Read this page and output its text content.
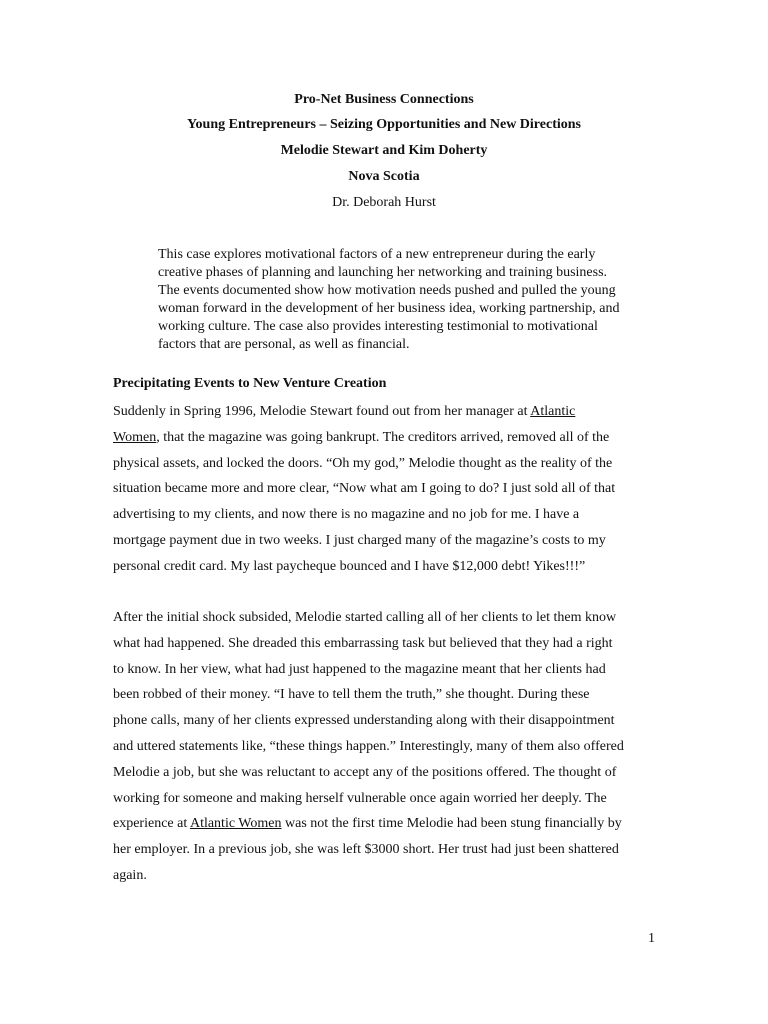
Pro-Net Business Connections
Young Entrepreneurs – Seizing Opportunities and New Directions
Melodie Stewart and Kim Doherty
Nova Scotia
Dr. Deborah Hurst

This case explores motivational factors of a new entrepreneur during the early
creative phases of planning and launching her networking and training business.
The events documented show how motivation needs pushed and pulled the young
woman forward in the development of her business idea, working partnership, and
working culture. The case also provides interesting testimonial to motivational
factors that are personal, as well as financial.

Precipitating Events to New Venture Creation

Suddenly in Spring 1996, Melodie Stewart found out from her manager at Atlantic
Women, that the magazine was going bankrupt. The creditors arrived, removed all of the
physical assets, and locked the doors. “Oh my god,” Melodie thought as the reality of the
situation became more and more clear, “Now what am I going to do? I just sold all of that
advertising to my clients, and now there is no magazine and no job for me. I have a
mortgage payment due in two weeks. I just charged many of the magazine’s costs to my
personal credit card. My last paycheque bounced and I have $12,000 debt! Yikes!!!”

After the initial shock subsided, Melodie started calling all of her clients to let them know
what had happened. She dreaded this embarrassing task but believed that they had a right
to know. In her view, what had just happened to the magazine meant that her clients had
been robbed of their money. “I have to tell them the truth,” she thought. During these
phone calls, many of her clients expressed understanding along with their disappointment
and uttered statements like, “these things happen.” Interestingly, many of them also offered
Melodie a job, but she was reluctant to accept any of the positions offered. The thought of
working for someone and making herself vulnerable once again worried her deeply. The
experience at Atlantic Women was not the first time Melodie had been stung financially by
her employer. In a previous job, she was left $3000 short. Her trust had just been shattered
again.

1
